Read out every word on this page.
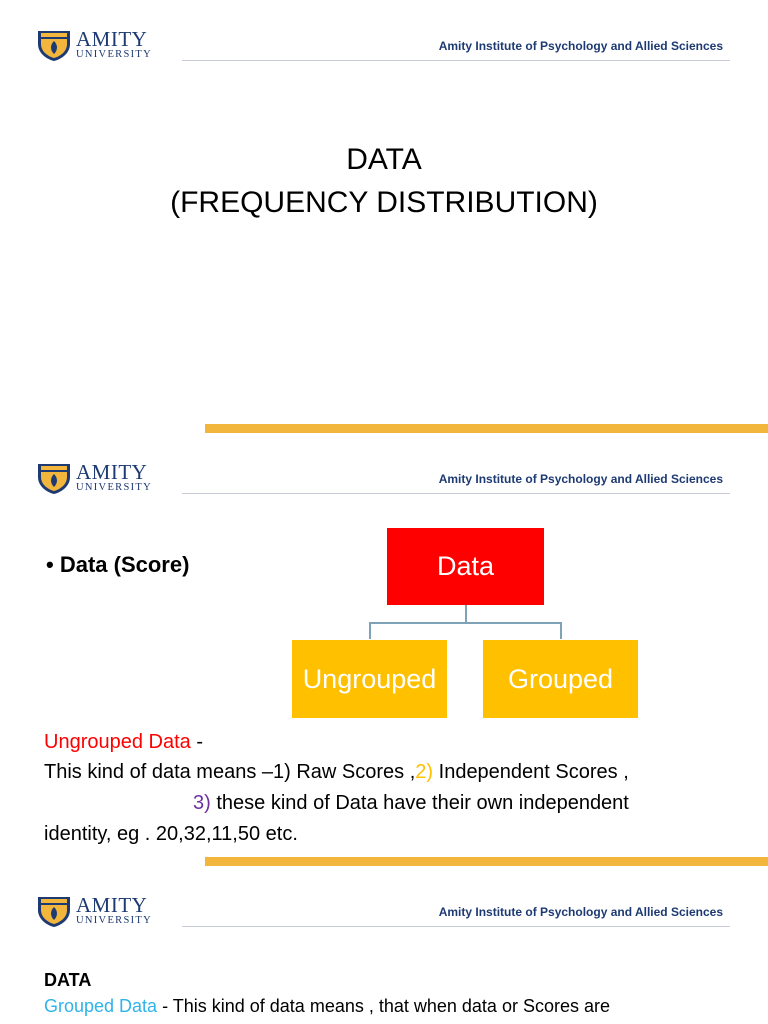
AMITY
UNIVERSITY
Amity Institute of Psychology and Allied Sciences
DATA
(FREQUENCY DISTRIBUTION)
AMITY
UNIVERSITY
Amity Institute of Psychology and Allied Sciences
• Data (Score)	Data
Ungrouped	Grouped
Ungrouped Data -
This kind of data means –1) Raw Scores ,2) Independent Scores ,
3) these kind of Data have their own independent
identity, eg . 20,32,11,50 etc.
AMITY
UNIVERSITY
Amity Institute of Psychology and Allied Sciences
DATA
Grouped Data - This kind of data means , that when data or Scores are
